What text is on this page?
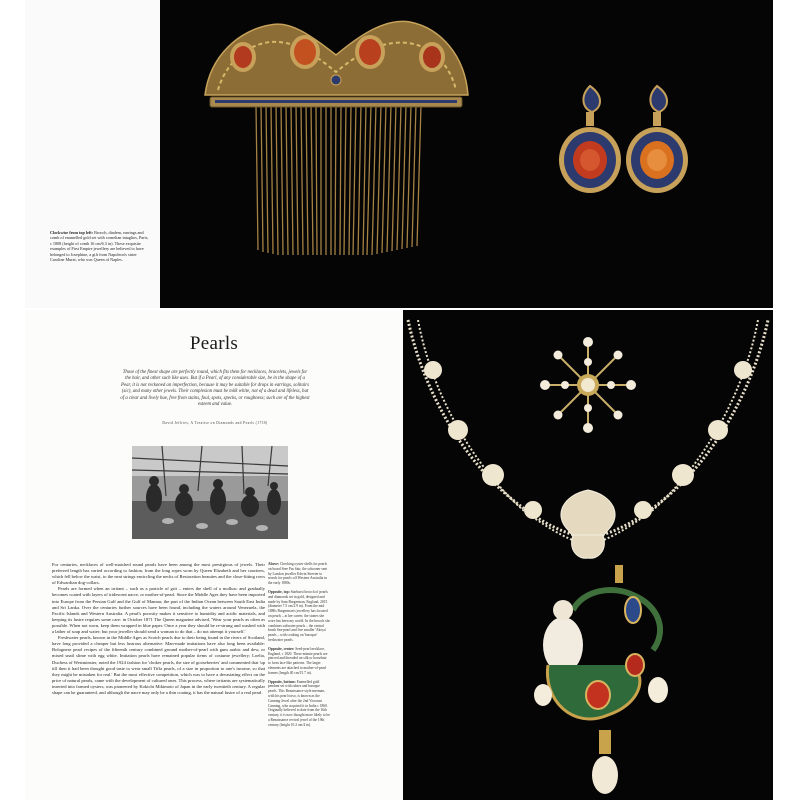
Clockwise from top left: Brooch, diadem, earrings and comb of enamelled gold set with cornelian intaglios, Paris, c 1808 (height of comb 16 cm/6.3 in). These exquisite examples of First Empire jewellery are believed to have belonged to Josephine, a gift from Napoleon's sister Caroline Murat, who was Queen of Naples.
Pearls
Those of the finest shape are perfectly round, which fits them for necklaces, bracelets, jewels for the hair, and other such like uses. But if a Pearl, of any considerable size, be in the shape of a Pear, it is not reckoned an imperfection, because it may be suitable for drops in earrings, solitairs (sic), and many other jewels. Their complexion must be milk white, not of a dead and lifeless, but of a clear and lively hue, free from stains, foul, spots, specks, or roughness; such are of the highest esteem and value.
David Jeffries, A Treatise on Diamonds and Pearls (1750)

For centuries, necklaces of well-matched round pearls have been among the most prestigious of jewels. Their preferred length has varied according to fashion, from the long ropes worn by Queen Elizabeth and her courtiers, which fell below the waist, to the neat strings encircling the necks of Restoration beauties and the close-fitting rows of Edwardian dog-collars.

Pearls are formed when an irritant – such as a particle of grit – enters the shell of a mollusc and gradually becomes coated with layers of iridescent nacre, or mother-of-pearl. Since the Middle Ages they have been imported into Europe from the Persian Gulf and the Gulf of Mannar, the part of the Indian Ocean between South East India and Sri Lanka. Over the centuries further sources have been found, including the waters around Venezuela, the Pacific Islands and Western Australia. A pearl's porosity makes it sensitive to humidity and acidic materials, and keeping its lustre requires some care: in October 1871 The Queen magazine advised, 'Wear your pearls as often as possible. When not worn, keep them wrapped in blue paper. Once a year they should be re-strung and washed with a lather of soap and water; but your jeweller should send a woman to do that – do not attempt it yourself.'

Freshwater pearls, known in the Middle Ages as Scotch pearls due to their being found in the rivers of Scotland, have long provided a cheaper but less lustrous alternative. Man-made imitations have also long been available: Bolognese pearl recipes of the fifteenth century combined ground mother-of-pearl with gum arabic and dew, or mixed snail slime with egg white. Imitation pearls have remained popular items of costume jewellery; Loelia, Duchess of Westminster, noted the 1924 fashion for 'choker pearls, the size of gooseberries' and commented that 'up till then it had been thought good taste to wear small Tiffa pearls, of a size in proportion to one's income, so that they might be mistaken for real.' But the most effective competition, which was to have a devastating effect on the price of natural pearls, came with the development of cultured ones. This process, where irritants are systematically inserted into farmed oysters, was pioneered by Kokichi Mikimoto of Japan in the early twentieth century. A regular shape can be guaranteed, and although the nacre may only be a thin coating, it has the natural lustre of a real pearl.

Above: Checking oyster shells for pearls on board Sree Pas Sair, the schooner sent by London jeweller Edwin Streeter to search for pearls off Western Australia in the early 1880s.

Opposite, top: Starburst brooch of pearls and diamonds set in gold, designed and made by Sam Burgerman, England, 2015 (diameter 7.5 cm/2.9 in). From the mid 1880s Burgerman's jewellery has focused on pearls – at her career, the stones she wore has been my world. In the brooch she combines saltwater pearls – the central brush Sea-pearl and five smaller 'Akoya' pearls – with cooking on 'baroque' freshwater pearls.

Opposite, centre: Seed-pearl necklace, England, c 1820. These minute pearls are pierced and threaded on silk or horsehair to form lace-like patterns. The larger elements are attached to mother-of-pearl frames (length 40 cm/15.7 in).

Opposite, bottom: Enamelled gold pendant set with rubies and baroque pearls. This Renaissance-style merman, with his pearl torso, is known as the Canning Jewel after the 2nd Viscount Canning, who acquired it in India c 1860. Originally believed to date from the 16th century, it is now thought more likely to be a Renaissance revival jewel of the 19th century (height 10.2 cm/4 in).
